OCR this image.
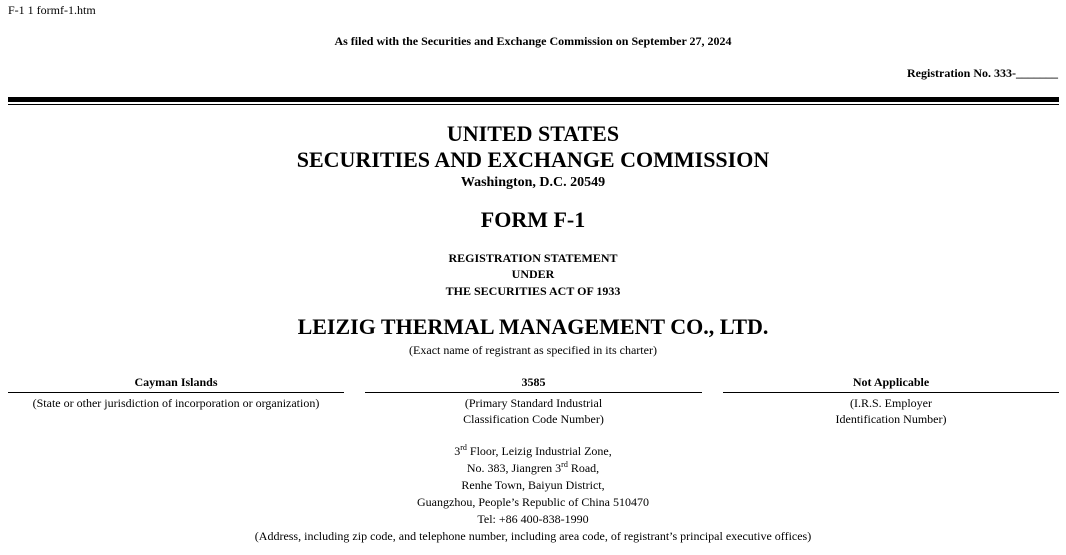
F-1 1 formf-1.htm
As filed with the Securities and Exchange Commission on September 27, 2024
Registration No. 333-_______
UNITED STATES
SECURITIES AND EXCHANGE COMMISSION
Washington, D.C. 20549
FORM F-1
REGISTRATION STATEMENT
UNDER
THE SECURITIES ACT OF 1933
LEIZIG THERMAL MANAGEMENT CO., LTD.
(Exact name of registrant as specified in its charter)
Cayman Islands
(State or other jurisdiction of incorporation or organization)
3585
(Primary Standard Industrial
Classification Code Number)
Not Applicable
(I.R.S. Employer
Identification Number)
3rd Floor, Leizig Industrial Zone,
No. 383, Jiangren 3rd Road,
Renhe Town, Baiyun District,
Guangzhou, People’s Republic of China 510470
Tel: +86 400-838-1990
(Address, including zip code, and telephone number, including area code, of registrant’s principal executive offices)
